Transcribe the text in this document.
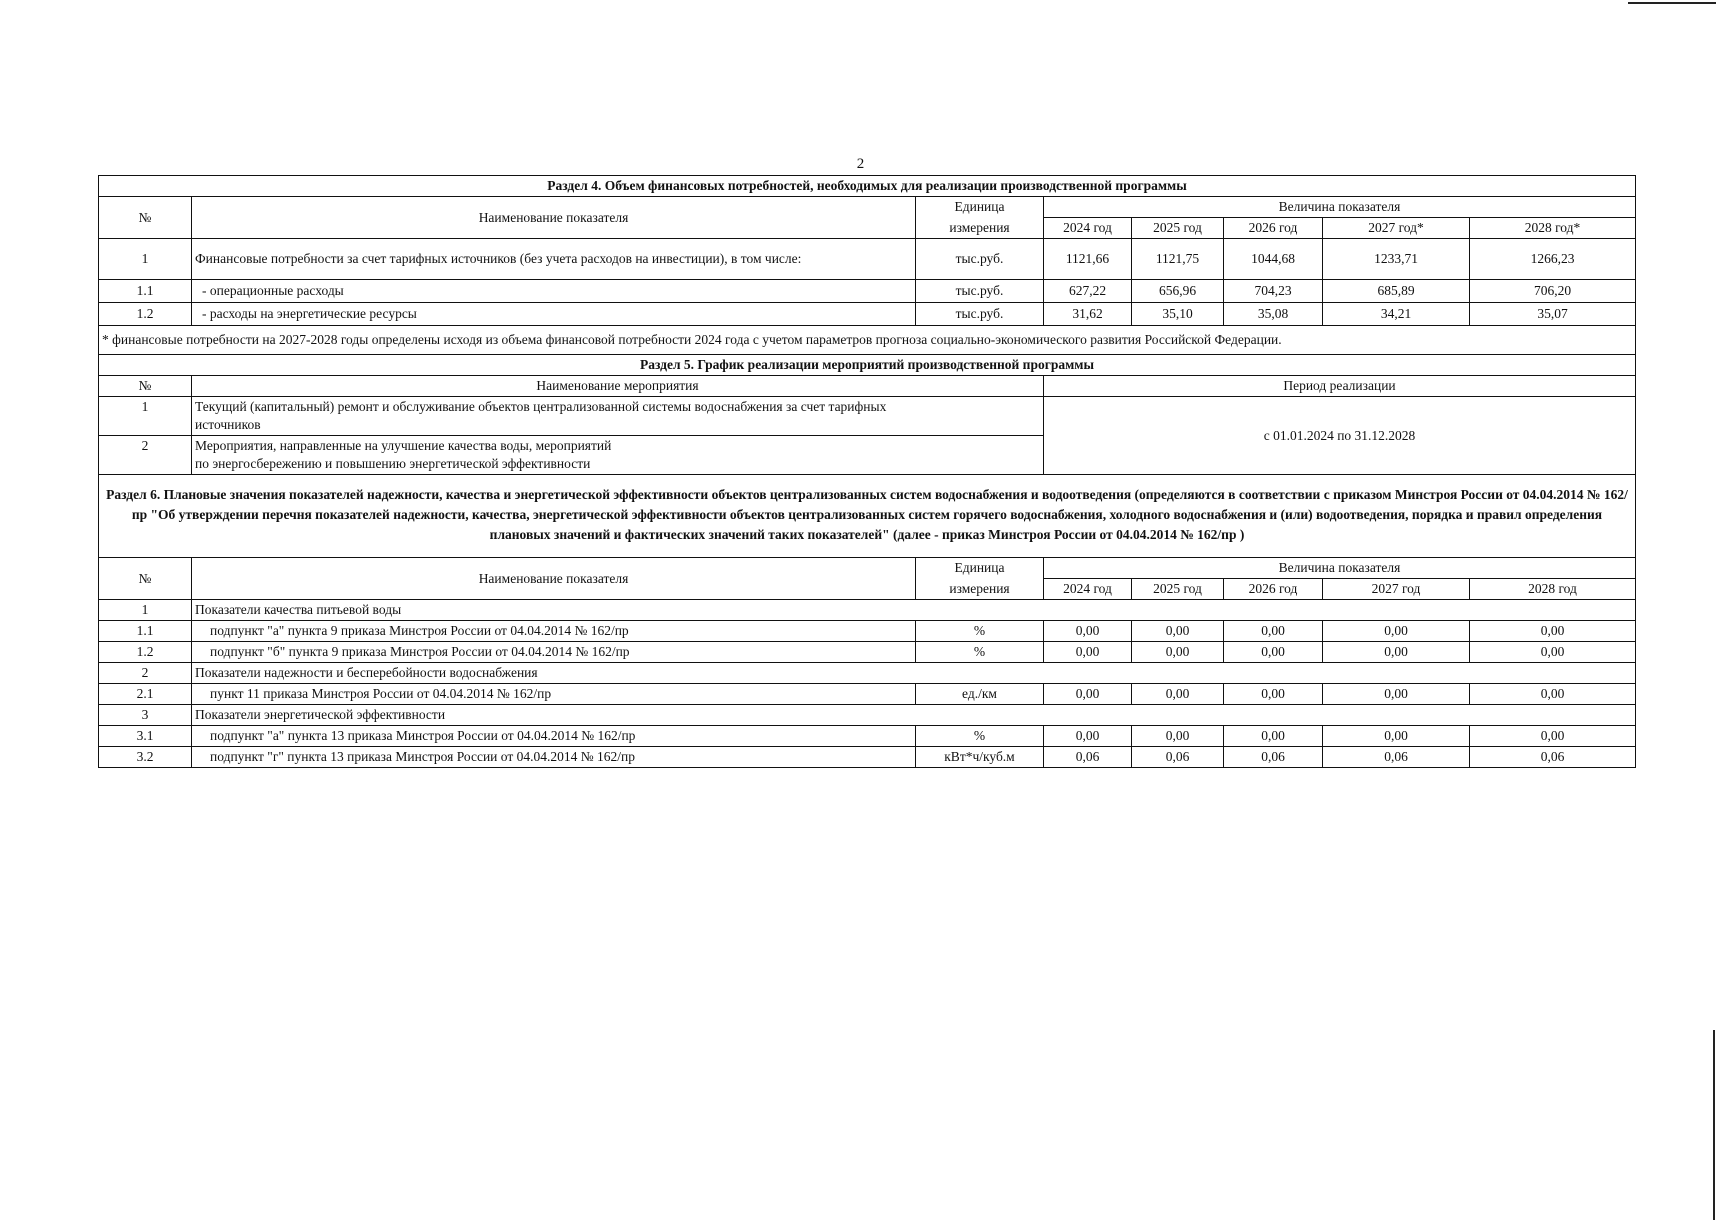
2
Раздел 4. Объем финансовых потребностей, необходимых для реализации производственной программы							
№	Наименование показателя	Единица	Величина показателя				
		измерения	2024 год	2025 год	2026 год	2027 год*	2028 год*
1	Финансовые потребности за счет тарифных источников (без учета расходов на инвестиции), в том числе:	тыс.руб.	1121,66	1121,75	1044,68	1233,71	1266,23
1.1	- операционные расходы	тыс.руб.	627,22	656,96	704,23	685,89	706,20
1.2	- расходы на энергетические ресурсы	тыс.руб.	31,62	35,10	35,08	34,21	35,07
* финансовые потребности на 2027-2028 годы определены исходя из объема финансовой потребности 2024 года с учетом параметров прогноза социально-экономического развития Российской Федерации.							
Раздел 5. График реализации мероприятий производственной программы							
№	Наименование мероприятия		Период реализации				
1	Текущий (капитальный) ремонт и обслуживание объектов централизованной системы водоснабжения за счет тарифных
источников		с 01.01.2024 по 31.12.2028				
2	Мероприятия, направленные на улучшение качества воды, мероприятий
по энергосбережению и повышению энергетической эффективности						

Раздел 6. Плановые значения показателей надежности, качества и энергетической эффективности объектов централизованных систем водоснабжения и водоотведения (определяются в соответствии с приказом Минстроя России от 04.04.2014 № 162/пр "Об утверждении перечня показателей надежности, качества, энергетической эффективности объектов централизованных систем горячего водоснабжения, холодного водоснабжения и (или) водоотведения, порядка и правил определения плановых значений и фактических значений таких показателей" (далее - приказ Минстроя России от 04.04.2014 № 162/пр )							
№	Наименование показателя	Единица	Величина показателя				
		измерения	2024 год	2025 год	2026 год	2027 год	2028 год
1	Показатели качества питьевой воды						
1.1	подпункт "а" пункта 9 приказа Минстроя России от 04.04.2014 № 162/пр	%	0,00	0,00	0,00	0,00	0,00
1.2	подпункт "б" пункта 9 приказа Минстроя России от 04.04.2014 № 162/пр	%	0,00	0,00	0,00	0,00	0,00
2	Показатели надежности и бесперебойности водоснабжения						
2.1	пункт 11 приказа Минстроя России от 04.04.2014 № 162/пр	ед./км	0,00	0,00	0,00	0,00	0,00
3	Показатели энергетической эффективности						
3.1	подпункт "а" пункта 13 приказа Минстроя России от 04.04.2014 № 162/пр	%	0,00	0,00	0,00	0,00	0,00
3.2	подпункт "г" пункта 13 приказа Минстроя России от 04.04.2014 № 162/пр	кВт*ч/куб.м	0,06	0,06	0,06	0,06	0,06
